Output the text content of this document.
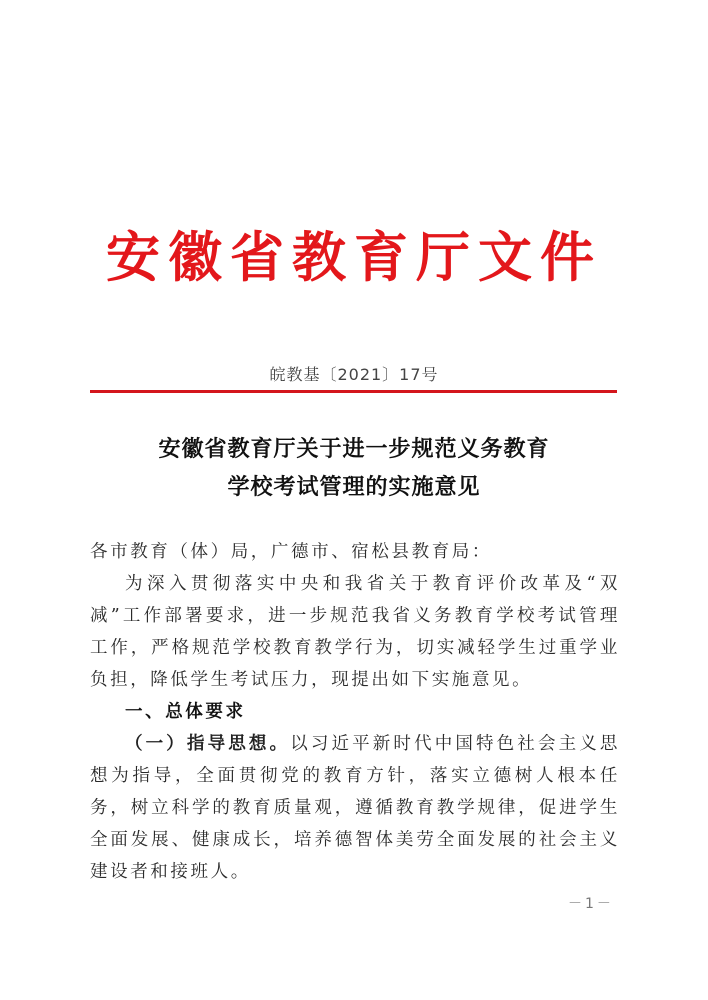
安徽省教育厅文件
皖教基〔2021〕17号
安徽省教育厅关于进一步规范义务教育
学校考试管理的实施意见

各市教育（体）局，广德市、宿松县教育局：

为深入贯彻落实中央和我省关于教育评价改革及“双减”工作部署要求，进一步规范我省义务教育学校考试管理工作，严格规范学校教育教学行为，切实减轻学生过重学业负担，降低学生考试压力，现提出如下实施意见。

一、总体要求

（一）指导思想。以习近平新时代中国特色社会主义思想为指导，全面贯彻党的教育方针，落实立德树人根本任务，树立科学的教育质量观，遵循教育教学规律，促进学生全面发展、健康成长，培养德智体美劳全面发展的社会主义建设者和接班人。

－1－
